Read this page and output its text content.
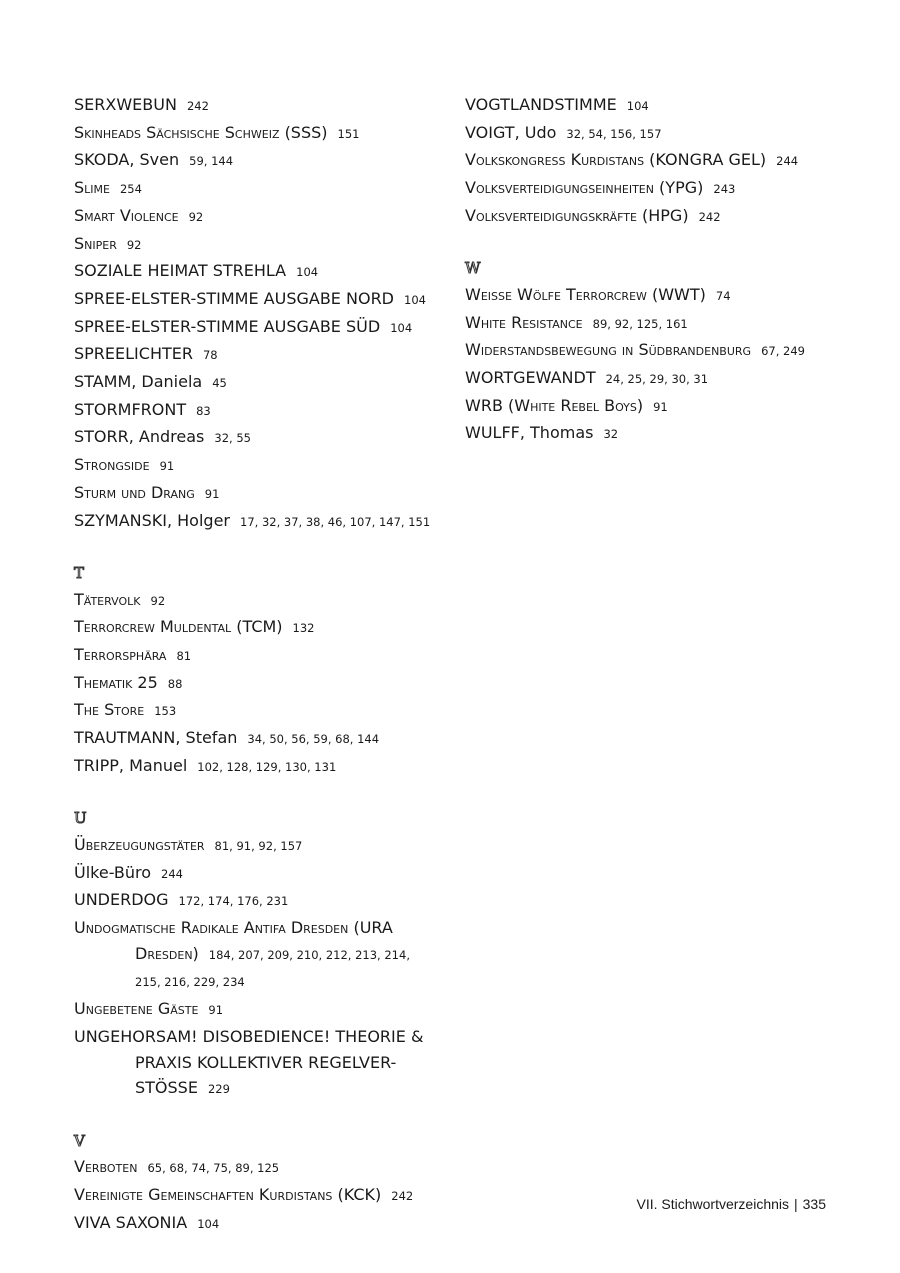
SERXWEBUN 242
Skinheads Sächsische Schweiz (SSS) 151
SKODA, Sven 59, 144
Slime 254
Smart Violence 92
Sniper 92
SOZIALE HEIMAT STREHLA 104
SPREE-ELSTER-STIMME AUSGABE NORD 104
SPREE-ELSTER-STIMME AUSGABE SÜD 104
SPREELICHTER 78
STAMM, Daniela 45
STORMFRONT 83
STORR, Andreas 32, 55
Strongside 91
Sturm und Drang 91
SZYMANSKI, Holger 17, 32, 37, 38, 46, 107, 147, 151
T
Tätervolk 92
Terrorcrew Muldental (TCM) 132
Terrorsphära 81
Thematik 25 88
The Store 153
TRAUTMANN, Stefan 34, 50, 56, 59, 68, 144
TRIPP, Manuel 102, 128, 129, 130, 131
U
Überzeugungstäter 81, 91, 92, 157
Ülke-Büro 244
UNDERDOG 172, 174, 176, 231
Undogmatische Radikale Antifa Dresden (URA
Dresden) 184, 207, 209, 210, 212, 213, 214,
215, 216, 229, 234
Ungebetene Gäste 91
UNGEHORSAM! DISOBEDIENCE! THEORIE &
PRAXIS KOLLEKTIVER REGELVER-
STÖSSE 229
V
Verboten 65, 68, 74, 75, 89, 125
Vereinigte Gemeinschaften Kurdistans (KCK) 242
VIVA SAXONIA 104
VOGTLANDSTIMME 104
VOIGT, Udo 32, 54, 156, 157
Volkskongress Kurdistans (KONGRA GEL) 244
Volksverteidigungseinheiten (YPG) 243
Volksverteidigungskräfte (HPG) 242
W
Weisse Wölfe Terrorcrew (WWT) 74
White Resistance 89, 92, 125, 161
Widerstandsbewegung in Südbrandenburg 67, 249
WORTGEWANDT 24, 25, 29, 30, 31
WRB (White Rebel Boys) 91
WULFF, Thomas 32
VII. Stichwortverzeichnis | 335
